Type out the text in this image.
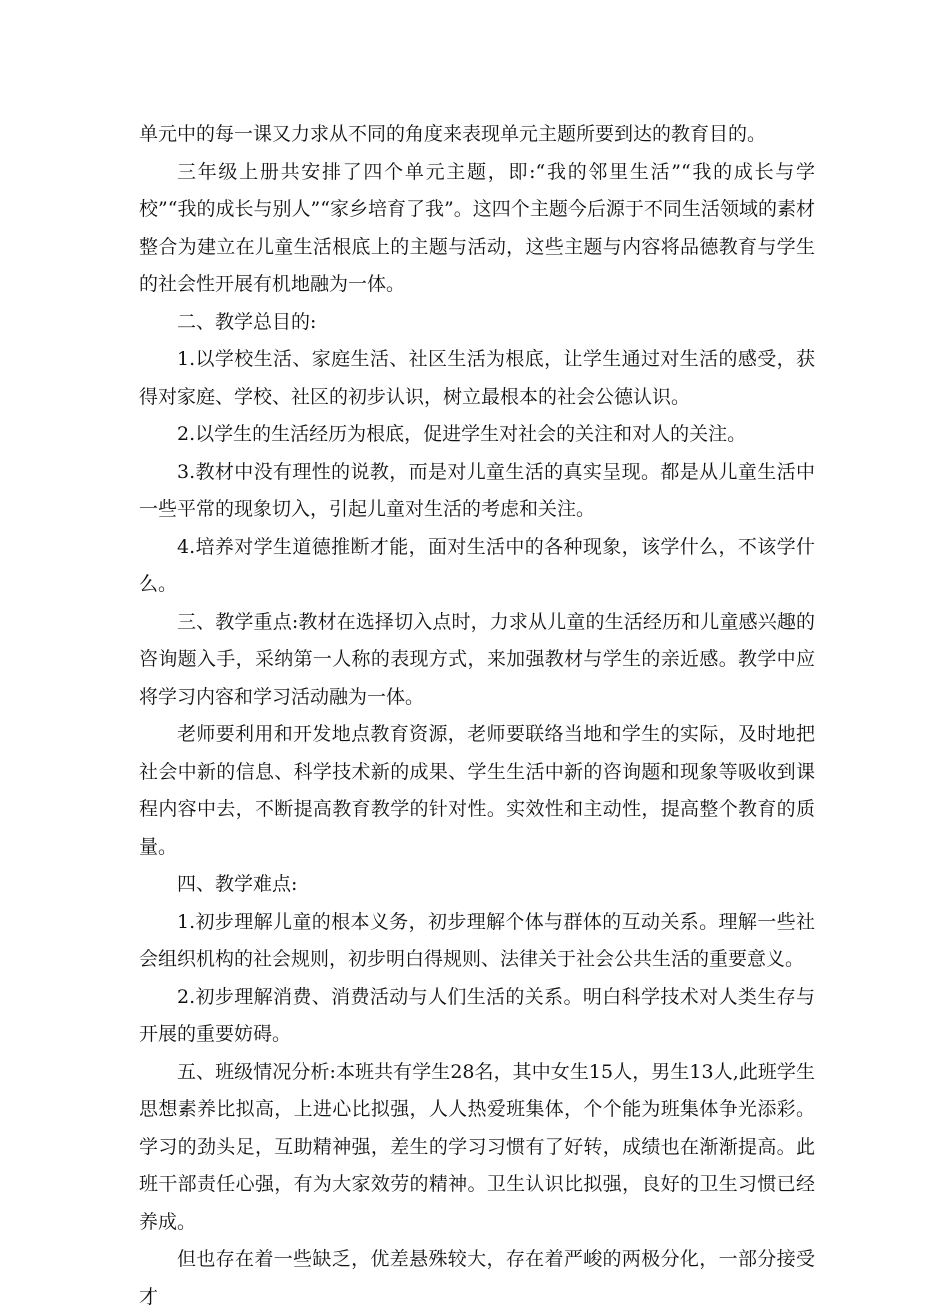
单元中的每一课又力求从不同的角度来表现单元主题所要到达的教育目的。

三年级上册共安排了四个单元主题，即:“我的邻里生活”“我的成长与学校”“我的成长与别人”“家乡培育了我”。这四个主题今后源于不同生活领域的素材整合为建立在儿童生活根底上的主题与活动，这些主题与内容将品德教育与学生的社会性开展有机地融为一体。

二、教学总目的:

1.以学校生活、家庭生活、社区生活为根底，让学生通过对生活的感受，获得对家庭、学校、社区的初步认识，树立最根本的社会公德认识。

2.以学生的生活经历为根底，促进学生对社会的关注和对人的关注。

3.教材中没有理性的说教，而是对儿童生活的真实呈现。都是从儿童生活中一些平常的现象切入，引起儿童对生活的考虑和关注。

4.培养对学生道德推断才能，面对生活中的各种现象，该学什么，不该学什么。

三、教学重点:教材在选择切入点时，力求从儿童的生活经历和儿童感兴趣的咨询题入手，采纳第一人称的表现方式，来加强教材与学生的亲近感。教学中应将学习内容和学习活动融为一体。

老师要利用和开发地点教育资源，老师要联络当地和学生的实际，及时地把社会中新的信息、科学技术新的成果、学生生活中新的咨询题和现象等吸收到课程内容中去，不断提高教育教学的针对性。实效性和主动性，提高整个教育的质量。

四、教学难点:

1.初步理解儿童的根本义务，初步理解个体与群体的互动关系。理解一些社会组织机构的社会规则，初步明白得规则、法律关于社会公共生活的重要意义。

2.初步理解消费、消费活动与人们生活的关系。明白科学技术对人类生存与开展的重要妨碍。

五、班级情况分析:本班共有学生28名，其中女生15人，男生13人,此班学生思想素养比拟高，上进心比拟强，人人热爱班集体，个个能为班集体争光添彩。学习的劲头足，互助精神强，差生的学习习惯有了好转，成绩也在渐渐提高。此班干部责任心强，有为大家效劳的精神。卫生认识比拟强，良好的卫生习惯已经养成。

但也存在着一些缺乏，优差悬殊较大，存在着严峻的两极分化，一部分接受才
